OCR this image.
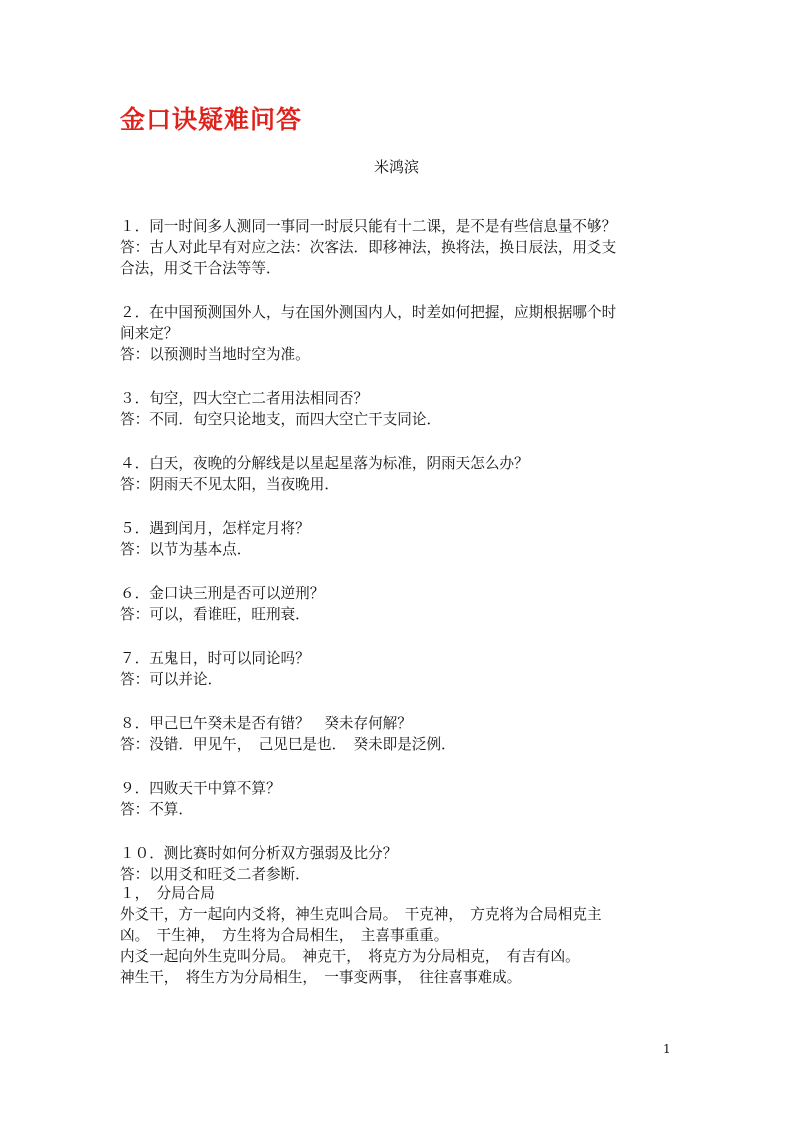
金口诀疑难问答

米鸿滨

１．同一时间多人测同一事同一时辰只能有十二课，是不是有些信息量不够？

答：古人对此早有对应之法：次客法．即移神法，换将法，换日辰法，用爻支

合法，用爻干合法等等．

２．在中国预测国外人，与在国外测国内人，时差如何把握，应期根据哪个时

间来定？

答：以预测时当地时空为准。

３．旬空，四大空亡二者用法相同否？

答：不同．旬空只论地支，而四大空亡干支同论．

４．白天，夜晚的分解线是以星起星落为标准，阴雨天怎么办？

答：阴雨天不见太阳，当夜晚用．

５．遇到闰月，怎样定月将？

答：以节为基本点．

６．金口诀三刑是否可以逆刑？

答：可以，看谁旺，旺刑衰．

７．五鬼日，时可以同论吗？

答：可以并论．

８．甲己巳午癸未是否有错？　癸未存何解？

答：没错．甲见午，　己见巳是也．　癸未即是泛例．

９．四败天干中算不算？

答：不算．

１０．测比赛时如何分析双方强弱及比分？

答：以用爻和旺爻二者参断．

１，　分局合局

外爻干，方一起向内爻将，神生克叫合局。　干克神，　方克将为合局相克主

凶。　干生神，　方生将为合局相生，　主喜事重重。

内爻一起向外生克叫分局。　神克干，　将克方为分局相克，　有吉有凶。

神生干，　将生方为分局相生，　一事变两事，　往往喜事难成。

1
